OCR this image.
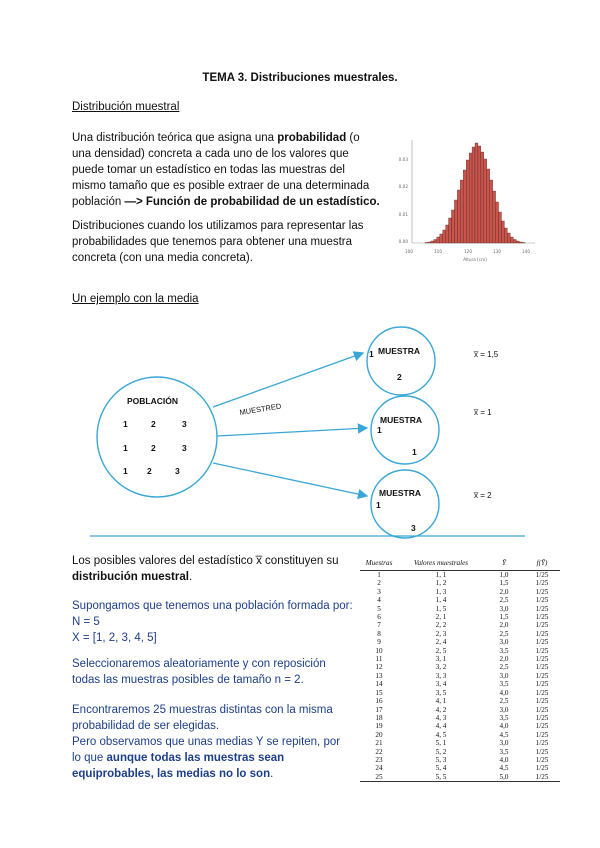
TEMA 3. Distribuciones muestrales.
Distribución muestral
Una distribución teórica que asigna una probabilidad (o una densidad) concreta a cada uno de los valores que puede tomar un estadístico en todas las muestras del mismo tamaño que es posible extraer de una determinada población —> Función de probabilidad de un estadístico.
Distribuciones cuando los utilizamos para representar las probabilidades que tenemos para obtener una muestra concreta (con una media concreta).
0.03
0.02
0.01
0.00
100	110	120	130	140
Altura [cm]
Un ejemplo con la media
POBLACIÓN
1	2	3
1	2	3
1 2	3
MUESTRA
1
2
MUESTRA
1
1
MUESTRA
1
3
x̅ = 1,5
x̅ = 1
x̅ = 2
MUESTRED
Los posibles valores del estadístico x̅ constituyen su distribución muestral.
Supongamos que tenemos una población formada por:
N = 5
X = [1, 2, 3, 4, 5]
Seleccionaremos aleatoriamente y con reposición todas las muestras posibles de tamaño n = 2.
Encontraremos 25 muestras distintas con la misma probabilidad de ser elegidas.
Pero observamos que unas medias Y se repiten, por lo que aunque todas las muestras sean equiprobables, las medias no lo son.
Muestras	Valores muestrales	Ȳ	f(Ȳ)
1	1, 1	1,0	1/25
2	1, 2	1,5	1/25
3	1, 3	2,0	1/25
4	1, 4	2,5	1/25
5	1, 5	3,0	1/25
6	2, 1	1,5	1/25
7	2, 2	2,0	1/25
8	2, 3	2,5	1/25
9	2, 4	3,0	1/25
10	2, 5	3,5	1/25
11	3, 1	2,0	1/25
12	3, 2	2,5	1/25
13	3, 3	3,0	1/25
14	3, 4	3,5	1/25
15	3, 5	4,0	1/25
16	4, 1	2,5	1/25
17	4, 2	3,0	1/25
18	4, 3	3,5	1/25
19	4, 4	4,0	1/25
20	4, 5	4,5	1/25
21	5, 1	3,0	1/25
22	5, 2	3,5	1/25
23	5, 3	4,0	1/25
24	5, 4	4,5	1/25
25	5, 5	5,0	1/25
